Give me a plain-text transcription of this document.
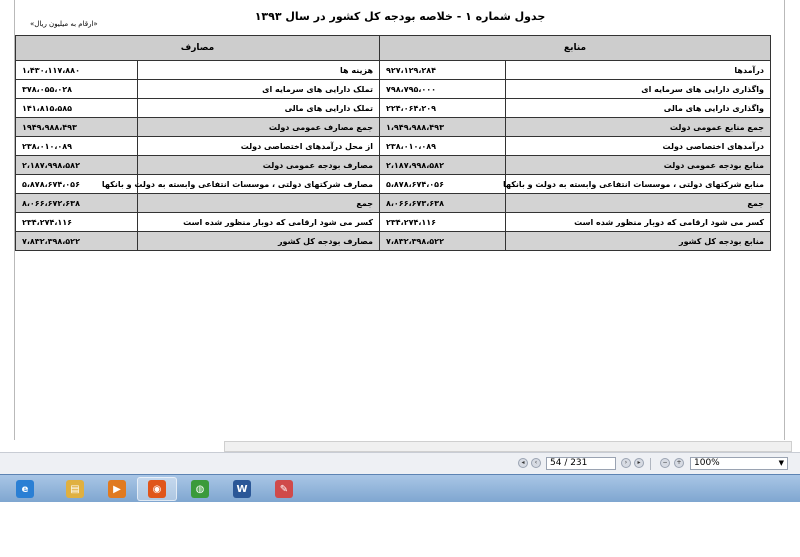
جدول شماره ۱ - خلاصه بودجه کل کشور در سال ۱۳۹۳
«ارقام به میلیون ریال»
مصارف		منابع	
۱،۴۳۰،۱۱۷،۸۸۰	هزینه ها	۹۲۷،۱۲۹،۲۸۴	درآمدها
۳۷۸،۰۵۵،۰۲۸	تملک دارایی های سرمایه ای	۷۹۸،۷۹۵،۰۰۰	واگذاری دارایی های سرمایه ای
۱۴۱،۸۱۵،۵۸۵	تملک دارایی های مالی	۲۲۴،۰۶۴،۲۰۹	واگذاری دارایی های مالی
۱۹۴۹،۹۸۸،۴۹۳	جمع مصارف عمومی دولت	۱،۹۴۹،۹۸۸،۴۹۳	جمع منابع عمومی دولت
۲۳۸،۰۱۰،۰۸۹	از محل درآمدهای اختصاصی دولت	۲۳۸،۰۱۰،۰۸۹	درآمدهای اختصاصی دولت
۲،۱۸۷،۹۹۸،۵۸۲	مصارف بودجه عمومی دولت	۲،۱۸۷،۹۹۸،۵۸۲	منابع بودجه عمومی دولت
۵،۸۷۸،۶۷۴،۰۵۶	مصارف شرکتهای دولتی ، موسسات انتفاعی وابسته به دولت و بانکها	۵،۸۷۸،۶۷۴،۰۵۶	منابع شرکتهای دولتی ، موسسات انتفاعی وابسته به دولت و بانکها
۸،۰۶۶،۶۷۲،۶۳۸	جمع	۸،۰۶۶،۶۷۳،۶۳۸	جمع
۲۳۴،۲۷۴،۱۱۶	کسر می شود ارقامی که دوبار منظور شده است	۲۳۴،۲۷۴،۱۱۶	کسر می شود ارقامی که دوبار منظور شده است
۷،۸۳۲،۳۹۸،۵۲۲	مصارف بودجه کل کشور	۷،۸۳۲،۳۹۸،۵۲۲	منابع بودجه کل کشور
◂	‹	54 / 231	›	▸	−	+	100%	▼
e	▤	▶	◉	◍	W	✎
